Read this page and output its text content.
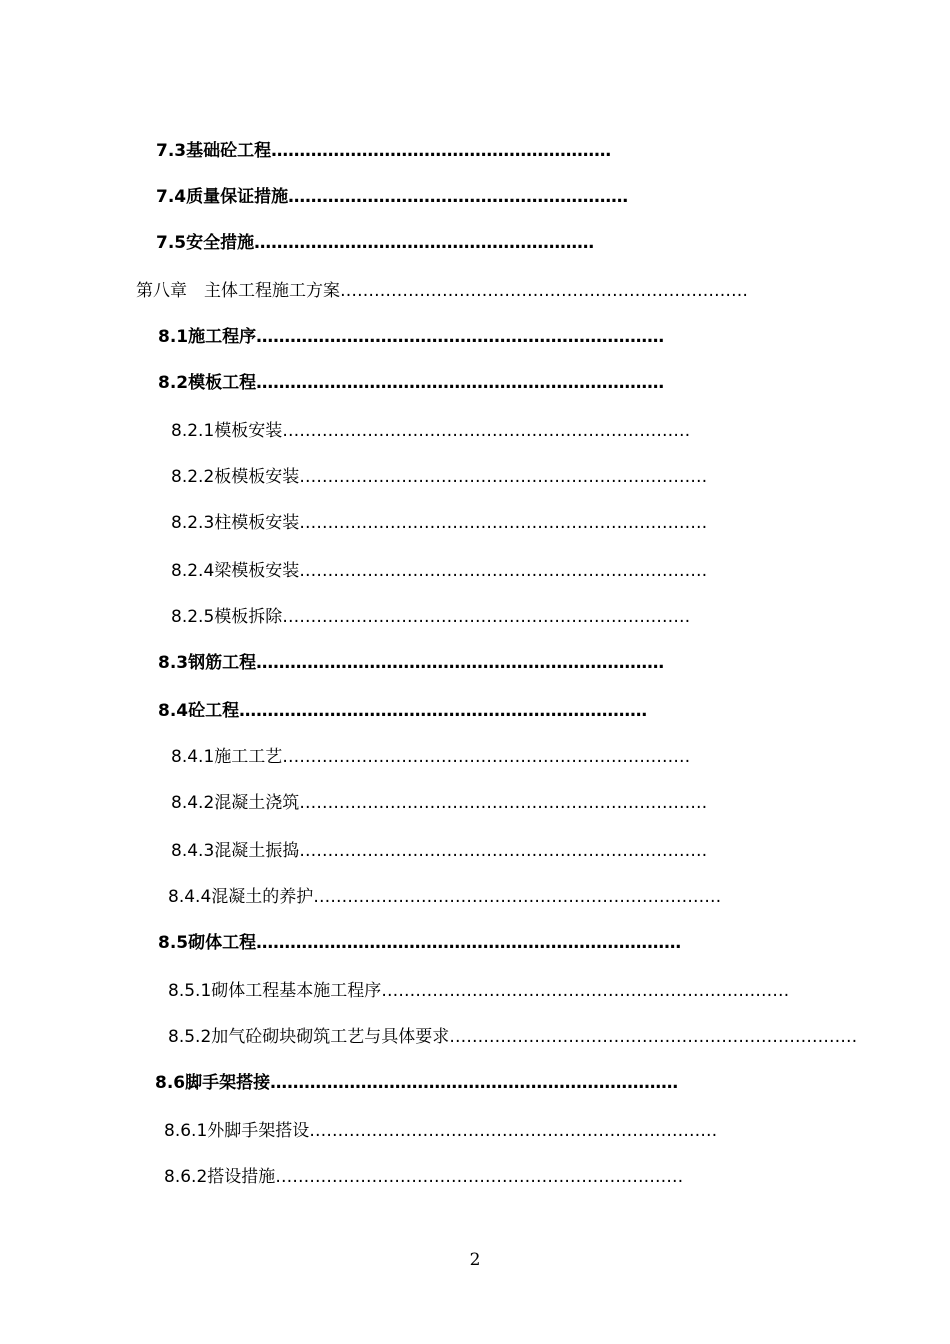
7.3基础砼工程……………………………………………………
7.4质量保证措施……………………………………………………
7.5安全措施……………………………………………………
第八章　主体工程施工方案………………………………………………………………
8.1施工程序………………………………………………………………
8.2模板工程………………………………………………………………
8.2.1模板安装………………………………………………………………
8.2.2板模板安装………………………………………………………………
8.2.3柱模板安装………………………………………………………………
8.2.4梁模板安装………………………………………………………………
8.2.5模板拆除………………………………………………………………
8.3钢筋工程………………………………………………………………
8.4砼工程………………………………………………………………
8.4.1施工工艺………………………………………………………………
8.4.2混凝土浇筑………………………………………………………………
8.4.3混凝土振捣………………………………………………………………
8.4.4混凝土的养护………………………………………………………………
8.5砌体工程…………………………………………………………………
8.5.1砌体工程基本施工程序………………………………………………………………
8.5.2加气砼砌块砌筑工艺与具体要求………………………………………………………………
8.6脚手架搭接………………………………………………………………
8.6.1外脚手架搭设………………………………………………………………
8.6.2搭设措施………………………………………………………………
2
